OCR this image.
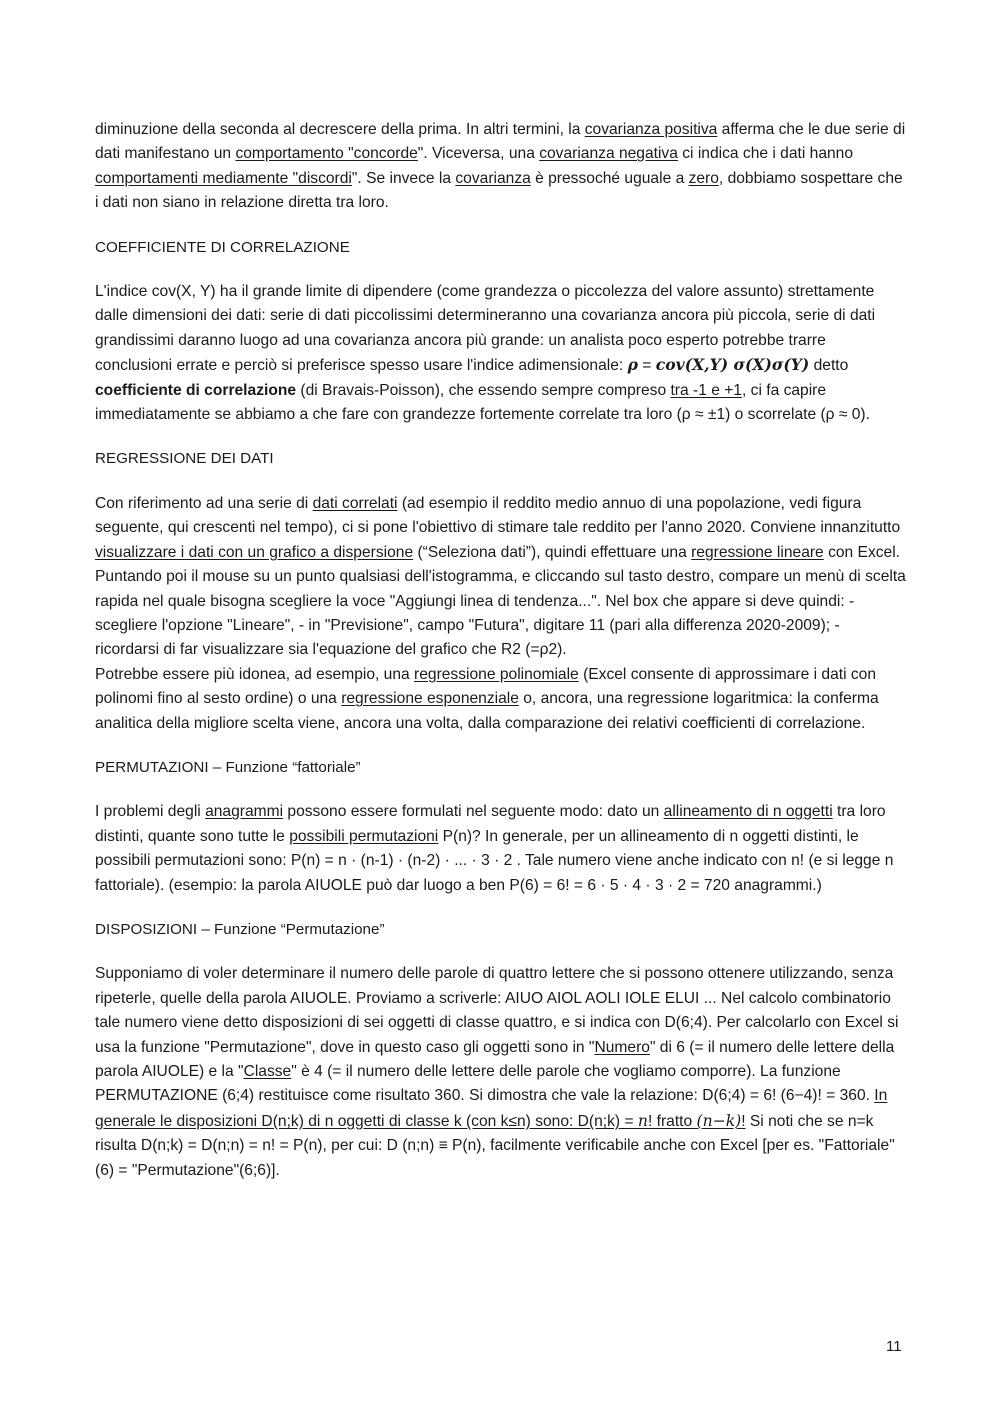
diminuzione della seconda al decrescere della prima. In altri termini, la covarianza positiva afferma che le due serie di dati manifestano un comportamento "concorde". Viceversa, una covarianza negativa ci indica che i dati hanno comportamenti mediamente "discordi". Se invece la covarianza è pressoché uguale a zero, dobbiamo sospettare che i dati non siano in relazione diretta tra loro.

COEFFICIENTE DI CORRELAZIONE

L'indice cov(X, Y) ha il grande limite di dipendere (come grandezza o piccolezza del valore assunto) strettamente dalle dimensioni dei dati: serie di dati piccolissimi determineranno una covarianza ancora più piccola, serie di dati grandissimi daranno luogo ad una covarianza ancora più grande: un analista poco esperto potrebbe trarre conclusioni errate e perciò si preferisce spesso usare l'indice adimensionale: ρ = cov(X,Y) σ(X)σ(Y) detto coefficiente di correlazione (di Bravais-Poisson), che essendo sempre compreso tra -1 e +1, ci fa capire immediatamente se abbiamo a che fare con grandezze fortemente correlate tra loro (ρ ≈ ±1) o scorrelate (ρ ≈ 0).

REGRESSIONE DEI DATI

Con riferimento ad una serie di dati correlati (ad esempio il reddito medio annuo di una popolazione, vedi figura seguente, qui crescenti nel tempo), ci si pone l'obiettivo di stimare tale reddito per l'anno 2020. Conviene innanzitutto visualizzare i dati con un grafico a dispersione (“Seleziona dati”), quindi effettuare una regressione lineare con Excel. Puntando poi il mouse su un punto qualsiasi dell'istogramma, e cliccando sul tasto destro, compare un menù di scelta rapida nel quale bisogna scegliere la voce "Aggiungi linea di tendenza...". Nel box che appare si deve quindi: - scegliere l'opzione "Lineare", - in "Previsione", campo "Futura", digitare 11 (pari alla differenza 2020-2009); - ricordarsi di far visualizzare sia l'equazione del grafico che R2 (=ρ2).

Potrebbe essere più idonea, ad esempio, una regressione polinomiale (Excel consente di approssimare i dati con polinomi fino al sesto ordine) o una regressione esponenziale o, ancora, una regressione logaritmica: la conferma analitica della migliore scelta viene, ancora una volta, dalla comparazione dei relativi coefficienti di correlazione.

PERMUTAZIONI – Funzione “fattoriale”

I problemi degli anagrammi possono essere formulati nel seguente modo: dato un allineamento di n oggetti tra loro distinti, quante sono tutte le possibili permutazioni P(n)? In generale, per un allineamento di n oggetti distinti, le possibili permutazioni sono: P(n) = n · (n-1) · (n-2) · ... · 3 · 2 . Tale numero viene anche indicato con n! (e si legge n fattoriale). (esempio: la parola AIUOLE può dar luogo a ben P(6) = 6! = 6 · 5 · 4 · 3 · 2 = 720 anagrammi.)

DISPOSIZIONI – Funzione “Permutazione”

Supponiamo di voler determinare il numero delle parole di quattro lettere che si possono ottenere utilizzando, senza ripeterle, quelle della parola AIUOLE. Proviamo a scriverle: AIUO AIOL AOLI IOLE ELUI ... Nel calcolo combinatorio tale numero viene detto disposizioni di sei oggetti di classe quattro, e si indica con D(6;4). Per calcolarlo con Excel si usa la funzione "Permutazione", dove in questo caso gli oggetti sono in "Numero" di 6 (= il numero delle lettere della parola AIUOLE) e la "Classe" è 4 (= il numero delle lettere delle parole che vogliamo comporre). La funzione PERMUTAZIONE (6;4) restituisce come risultato 360. Si dimostra che vale la relazione: D(6;4) = 6! (6−4)! = 360. In generale le disposizioni D(n;k) di n oggetti di classe k (con k≤n) sono: D(n;k) = n! fratto (n−k)! Si noti che se n=k risulta D(n;k) = D(n;n) = n! = P(n), per cui: D (n;n) ≡ P(n), facilmente verificabile anche con Excel [per es. "Fattoriale"(6) = "Permutazione"(6;6)].

11
